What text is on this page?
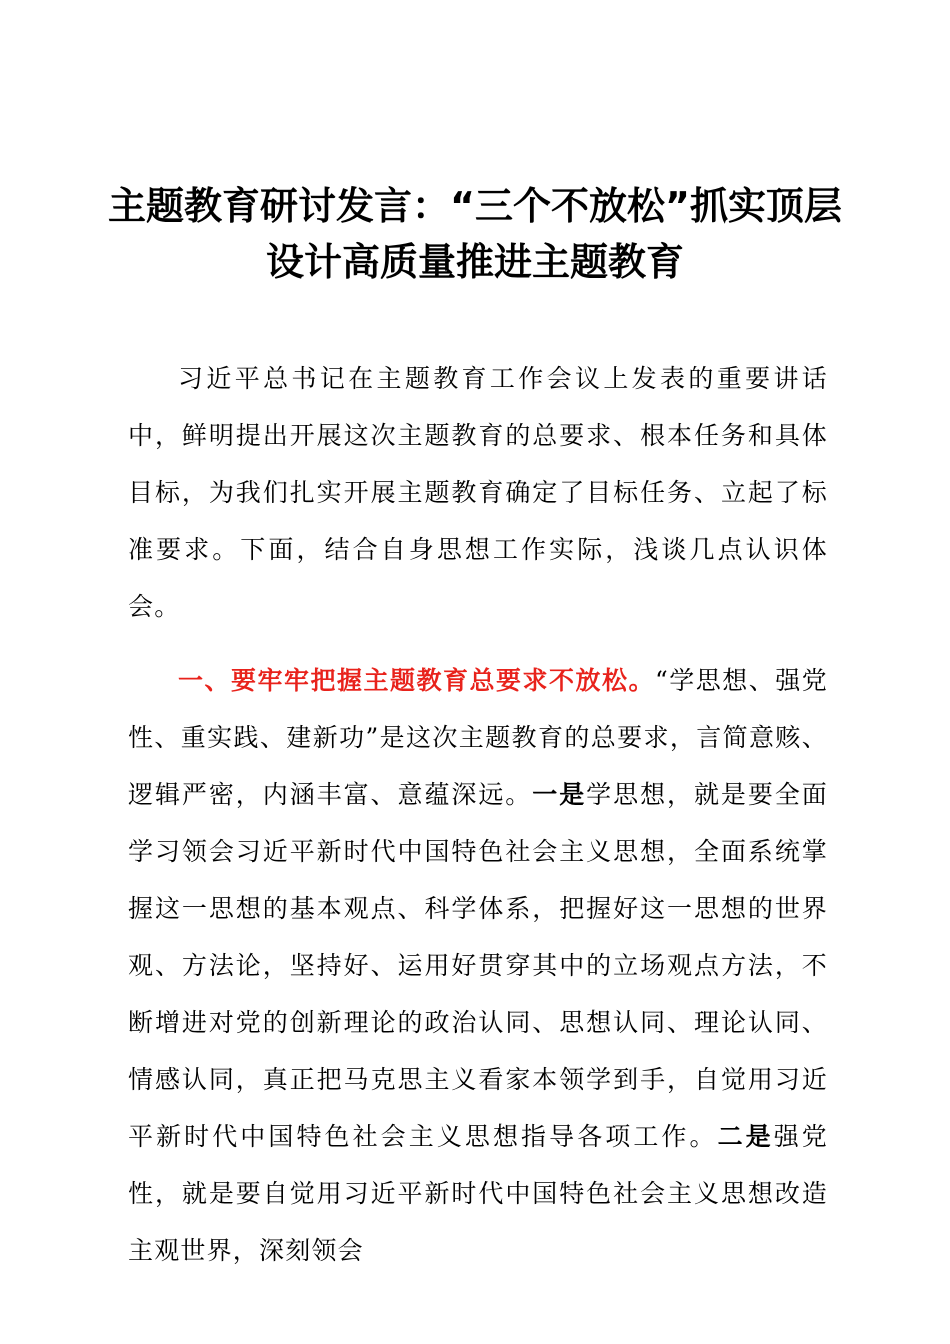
主题教育研讨发言：“三个不放松”抓实顶层
设计高质量推进主题教育

习近平总书记在主题教育工作会议上发表的重要讲话中，鲜明提出开展这次主题教育的总要求、根本任务和具体目标，为我们扎实开展主题教育确定了目标任务、立起了标准要求。下面，结合自身思想工作实际，浅谈几点认识体会。

一、要牢牢把握主题教育总要求不放松。“学思想、强党性、重实践、建新功”是这次主题教育的总要求，言简意赅、逻辑严密，内涵丰富、意蕴深远。一是学思想，就是要全面学习领会习近平新时代中国特色社会主义思想，全面系统掌握这一思想的基本观点、科学体系，把握好这一思想的世界观、方法论，坚持好、运用好贯穿其中的立场观点方法，不断增进对党的创新理论的政治认同、思想认同、理论认同、情感认同，真正把马克思主义看家本领学到手，自觉用习近平新时代中国特色社会主义思想指导各项工作。二是强党性，就是要自觉用习近平新时代中国特色社会主义思想改造主观世界，深刻领会
